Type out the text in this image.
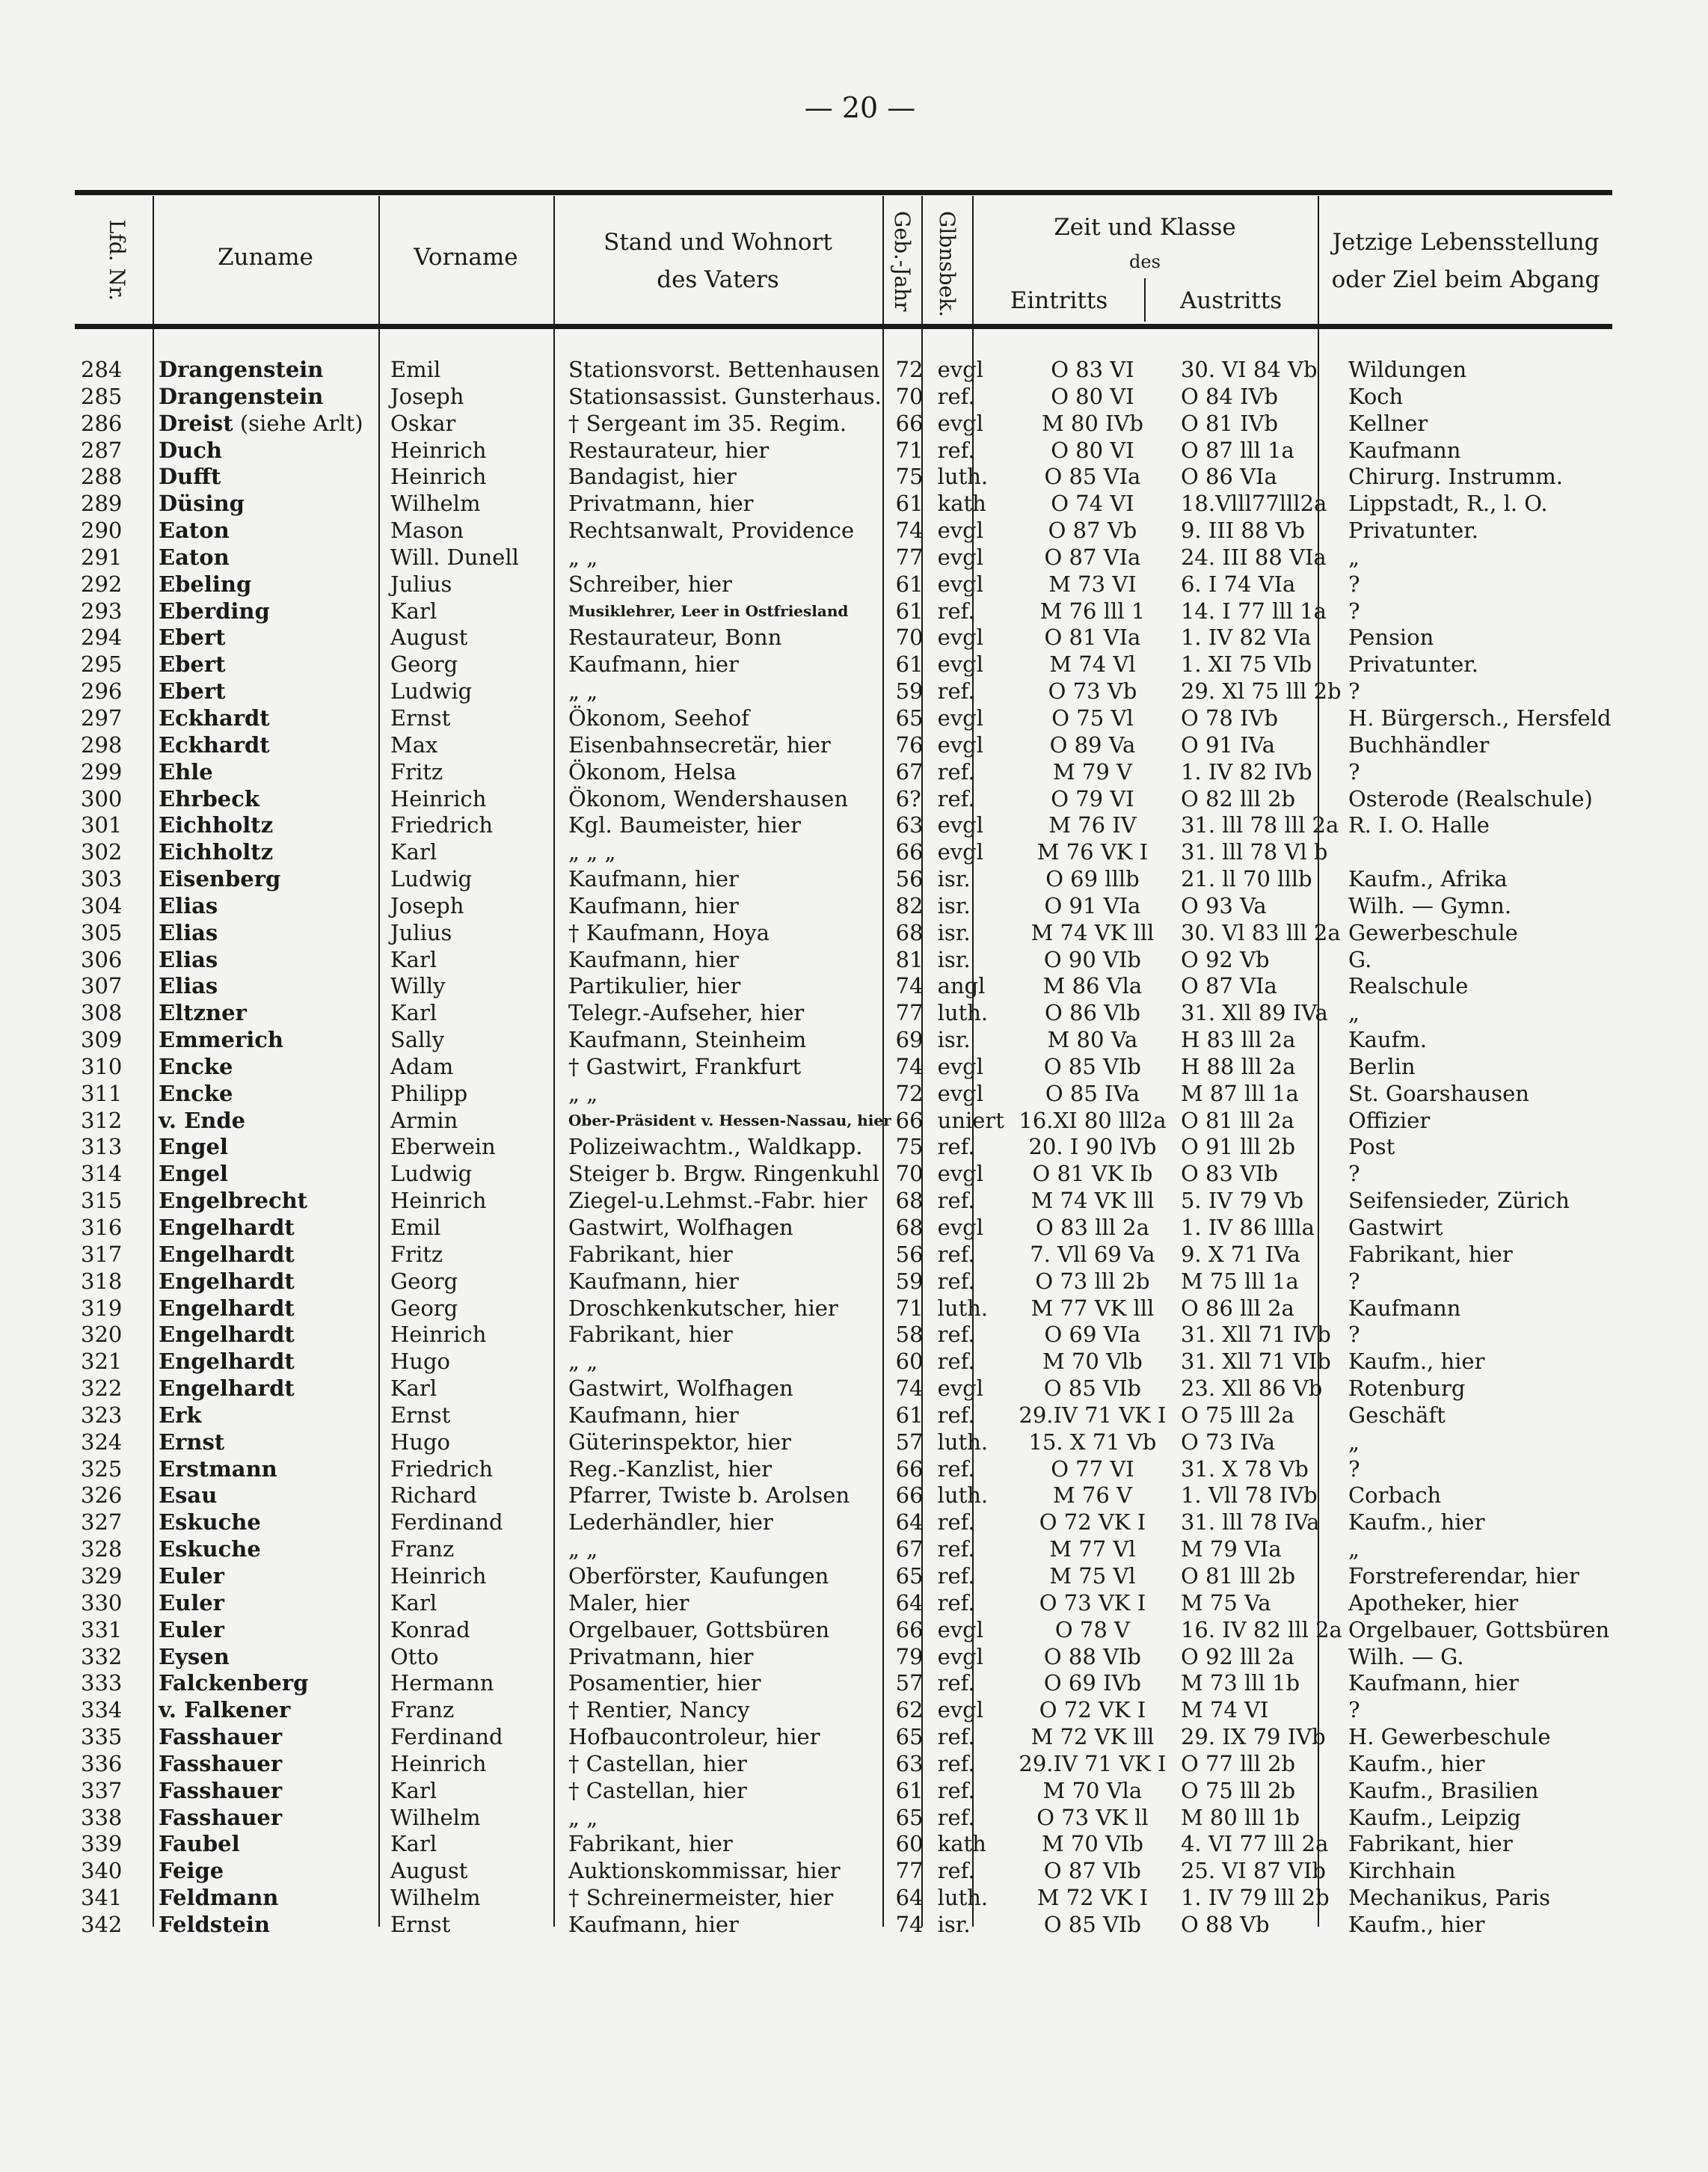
— 20 —
Lfd. Nr.	Zuname	Vorname
Stand und Wohnort
des Vaters	Geb.-Jahr Glbnsbek.	Zeit und Klasse
des
Eintritts	Austritts
Jetzige Lebensstellung
oder Ziel beim Abgang
284	Drangenstein	Emil	Stationsvorst. Bettenhausen	72	evgl	O 83 VI	30. VI 84 Vb	Wildungen
285	Drangenstein	Joseph	Stationsassist. Gunsterhaus.	70	ref.	O 80 VI	O 84 IVb	Koch
286	Dreist (siehe Arlt)	Oskar	† Sergeant im 35. Regim.	66	evgl	M 80 IVb	O 81 IVb	Kellner
287	Duch	Heinrich	Restaurateur, hier	71	ref.	O 80 VI	O 87 lll 1a	Kaufmann
288	Dufft	Heinrich	Bandagist, hier	75	luth.	O 85 VIa	O 86 VIa	Chirurg. Instrumm.
289	Düsing	Wilhelm	Privatmann, hier	61	kath	O 74 VI	18.Vlll77lll2a	Lippstadt, R., l. O.
290	Eaton	Mason	Rechtsanwalt, Providence	74	evgl	O 87 Vb	9. III 88 Vb	Privatunter.
291	Eaton	Will. Dunell	„ „	77	evgl	O 87 VIa	24. III 88 VIa	„
292	Ebeling	Julius	Schreiber, hier	61	evgl	M 73 VI	6. I 74 VIa	?
293	Eberding	Karl	Musiklehrer, Leer in Ostfriesland	61	ref.	M 76 lll 1	14. I 77 lll 1a	?
294	Ebert	August	Restaurateur, Bonn	70	evgl	O 81 VIa	1. IV 82 VIa	Pension
295	Ebert	Georg	Kaufmann, hier	61	evgl	M 74 Vl	1. XI 75 VIb	Privatunter.
296	Ebert	Ludwig	„ „	59	ref.	O 73 Vb	29. Xl 75 lll 2b	?
297	Eckhardt	Ernst	Ökonom, Seehof	65	evgl	O 75 Vl	O 78 IVb	H. Bürgersch., Hersfeld
298	Eckhardt	Max	Eisenbahnsecretär, hier	76	evgl	O 89 Va	O 91 IVa	Buchhändler
299	Ehle	Fritz	Ökonom, Helsa	67	ref.	M 79 V	1. IV 82 IVb	?
300	Ehrbeck	Heinrich	Ökonom, Wendershausen	6?	ref.	O 79 VI	O 82 lll 2b	Osterode (Realschule)
301	Eichholtz	Friedrich	Kgl. Baumeister, hier	63	evgl	M 76 IV	31. lll 78 lll 2a	R. I. O. Halle
302	Eichholtz	Karl	„ „ „	66	evgl	M 76 VK I	31. lll 78 Vl b	
303	Eisenberg	Ludwig	Kaufmann, hier	56	isr.	O 69 lllb	21. ll 70 lllb	Kaufm., Afrika
304	Elias	Joseph	Kaufmann, hier	82	isr.	O 91 VIa	O 93 Va	Wilh. — Gymn.
305	Elias	Julius	† Kaufmann, Hoya	68	isr.	M 74 VK lll	30. Vl 83 lll 2a	Gewerbeschule
306	Elias	Karl	Kaufmann, hier	81	isr.	O 90 VIb	O 92 Vb	G.
307	Elias	Willy	Partikulier, hier	74	angl	M 86 Vla	O 87 VIa	Realschule
308	Eltzner	Karl	Telegr.-Aufseher, hier	77	luth.	O 86 Vlb	31. Xll 89 IVa	„
309	Emmerich	Sally	Kaufmann, Steinheim	69	isr.	M 80 Va	H 83 lll 2a	Kaufm.
310	Encke	Adam	† Gastwirt, Frankfurt	74	evgl	O 85 VIb	H 88 lll 2a	Berlin
311	Encke	Philipp	„ „	72	evgl	O 85 IVa	M 87 lll 1a	St. Goarshausen
312	v. Ende	Armin	Ober-Präsident v. Hessen-Nassau, hier	66	uniert	16.XI 80 lll2a	O 81 lll 2a	Offizier
313	Engel	Eberwein	Polizeiwachtm., Waldkapp.	75	ref.	20. I 90 lVb	O 91 lll 2b	Post
314	Engel	Ludwig	Steiger b. Brgw. Ringenkuhl	70	evgl	O 81 VK Ib	O 83 VIb	?
315	Engelbrecht	Heinrich	Ziegel-u.Lehmst.-Fabr. hier	68	ref.	M 74 VK lll	5. IV 79 Vb	Seifensieder, Zürich
316	Engelhardt	Emil	Gastwirt, Wolfhagen	68	evgl	O 83 lll 2a	1. IV 86 lllla	Gastwirt
317	Engelhardt	Fritz	Fabrikant, hier	56	ref.	7. Vll 69 Va	9. X 71 IVa	Fabrikant, hier
318	Engelhardt	Georg	Kaufmann, hier	59	ref.	O 73 lll 2b	M 75 lll 1a	?
319	Engelhardt	Georg	Droschkenkutscher, hier	71	luth.	M 77 VK lll	O 86 lll 2a	Kaufmann
320	Engelhardt	Heinrich	Fabrikant, hier	58	ref.	O 69 VIa	31. Xll 71 IVb	?
321	Engelhardt	Hugo	„ „	60	ref.	M 70 Vlb	31. Xll 71 VIb	Kaufm., hier
322	Engelhardt	Karl	Gastwirt, Wolfhagen	74	evgl	O 85 VIb	23. Xll 86 Vb	Rotenburg
323	Erk	Ernst	Kaufmann, hier	61	ref.	29.IV 71 VK I	O 75 lll 2a	Geschäft
324	Ernst	Hugo	Güterinspektor, hier	57	luth.	15. X 71 Vb	O 73 IVa	„
325	Erstmann	Friedrich	Reg.-Kanzlist, hier	66	ref.	O 77 VI	31. X 78 Vb	?
326	Esau	Richard	Pfarrer, Twiste b. Arolsen	66	luth.	M 76 V	1. Vll 78 IVb	Corbach
327	Eskuche	Ferdinand	Lederhändler, hier	64	ref.	O 72 VK I	31. lll 78 IVa	Kaufm., hier
328	Eskuche	Franz	„ „	67	ref.	M 77 Vl	M 79 VIa	„
329	Euler	Heinrich	Oberförster, Kaufungen	65	ref.	M 75 Vl	O 81 lll 2b	Forstreferendar, hier
330	Euler	Karl	Maler, hier	64	ref.	O 73 VK I	M 75 Va	Apotheker, hier
331	Euler	Konrad	Orgelbauer, Gottsbüren	66	evgl	O 78 V	16. IV 82 lll 2a	Orgelbauer, Gottsbüren
332	Eysen	Otto	Privatmann, hier	79	evgl	O 88 VIb	O 92 lll 2a	Wilh. — G.
333	Falckenberg	Hermann	Posamentier, hier	57	ref.	O 69 IVb	M 73 lll 1b	Kaufmann, hier
334	v. Falkener	Franz	† Rentier, Nancy	62	evgl	O 72 VK I	M 74 VI	?
335	Fasshauer	Ferdinand	Hofbaucontroleur, hier	65	ref.	M 72 VK lll	29. IX 79 IVb	H. Gewerbeschule
336	Fasshauer	Heinrich	† Castellan, hier	63	ref.	29.IV 71 VK I	O 77 lll 2b	Kaufm., hier
337	Fasshauer	Karl	† Castellan, hier	61	ref.	M 70 Vla	O 75 lll 2b	Kaufm., Brasilien
338	Fasshauer	Wilhelm	„ „	65	ref.	O 73 VK ll	M 80 lll 1b	Kaufm., Leipzig
339	Faubel	Karl	Fabrikant, hier	60	kath	M 70 VIb	4. VI 77 lll 2a	Fabrikant, hier
340	Feige	August	Auktionskommissar, hier	77	ref.	O 87 VIb	25. VI 87 VIb	Kirchhain
341	Feldmann	Wilhelm	† Schreinermeister, hier	64	luth.	M 72 VK I	1. IV 79 lll 2b	Mechanikus, Paris
342	Feldstein	Ernst	Kaufmann, hier	74	isr.	O 85 VIb	O 88 Vb	Kaufm., hier
